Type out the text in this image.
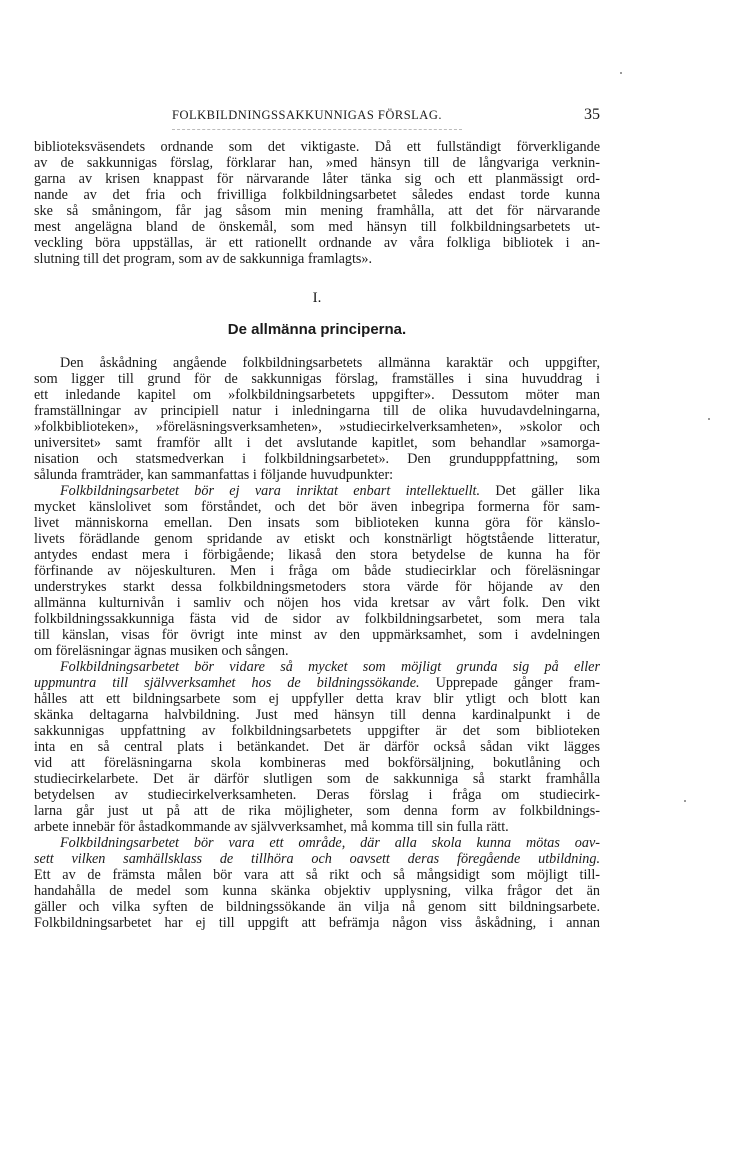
FOLKBILDNINGSSAKKUNNIGAS FÖRSLAG.	35
biblioteksväsendets ordnande som det viktigaste. Då ett fullständigt förverkligande
av de sakkunnigas förslag, förklarar han, »med hänsyn till de långvariga verknin-
garna av krisen knappast för närvarande låter tänka sig och ett planmässigt ord-
nande av det fria och frivilliga folkbildningsarbetet således endast torde kunna
ske så småningom, får jag såsom min mening framhålla, att det för närvarande
mest angelägna bland de önskemål, som med hänsyn till folkbildningsarbetets ut-
veckling böra uppställas, är ett rationellt ordnande av våra folkliga bibliotek i an-
slutning till det program, som av de sakkunniga framlagts».
I.
De allmänna principerna.
Den åskådning angående folkbildningsarbetets allmänna karaktär och uppgifter,
som ligger till grund för de sakkunnigas förslag, framställes i sina huvuddrag i
ett inledande kapitel om »folkbildningsarbetets uppgifter». Dessutom möter man
framställningar av principiell natur i inledningarna till de olika huvudavdelningarna,
»folkbiblioteken», »föreläsningsverksamheten», »studiecirkelverksamheten», »skolor och
universitet» samt framför allt i det avslutande kapitlet, som behandlar »samorga-
nisation och statsmedverkan i folkbildningsarbetet». Den grundupppfattning, som
sålunda framträder, kan sammanfattas i följande huvudpunkter:
Folkbildningsarbetet bör ej vara inriktat enbart intellektuellt. Det gäller lika
mycket känslolivet som förståndet, och det bör även inbegripa formerna för sam-
livet människorna emellan. Den insats som biblioteken kunna göra för känslo-
livets förädlande genom spridande av etiskt och konstnärligt högtstående litteratur,
antydes endast mera i förbigående; likaså den stora betydelse de kunna ha för
förfinande av nöjeskulturen. Men i fråga om både studiecirklar och föreläsningar
understrykes starkt dessa folkbildningsmetoders stora värde för höjande av den
allmänna kulturnivån i samliv och nöjen hos vida kretsar av vårt folk. Den vikt
folkbildningssakkunniga fästa vid de sidor av folkbildningsarbetet, som mera tala
till känslan, visas för övrigt inte minst av den uppmärksamhet, som i avdelningen
om föreläsningar ägnas musiken och sången.
Folkbildningsarbetet bör vidare så mycket som möjligt grunda sig på eller
uppmuntra till självverksamhet hos de bildningssökande. Upprepade gånger fram-
hålles att ett bildningsarbete som ej uppfyller detta krav blir ytligt och blott kan
skänka deltagarna halvbildning. Just med hänsyn till denna kardinalpunkt i de
sakkunnigas uppfattning av folkbildningsarbetets uppgifter är det som biblioteken
inta en så central plats i betänkandet. Det är därför också sådan vikt lägges
vid att föreläsningarna skola kombineras med bokförsäljning, bokutlåning och
studiecirkelarbete. Det är därför slutligen som de sakkunniga så starkt framhålla
betydelsen av studiecirkelverksamheten. Deras förslag i fråga om studiecirk-
larna går just ut på att de rika möjligheter, som denna form av folkbildnings-
arbete innebär för åstadkommande av självverksamhet, må komma till sin fulla rätt.
Folkbildningsarbetet bör vara ett område, där alla skola kunna mötas oav-
sett vilken samhällsklass de tillhöra och oavsett deras föregående utbildning.
Ett av de främsta målen bör vara att så rikt och så mångsidigt som möjligt till-
handahålla de medel som kunna skänka objektiv upplysning, vilka frågor det än
gäller och vilka syften de bildningssökande än vilja nå genom sitt bildningsarbete.
Folkbildningsarbetet har ej till uppgift att befrämja någon viss åskådning, i annan
